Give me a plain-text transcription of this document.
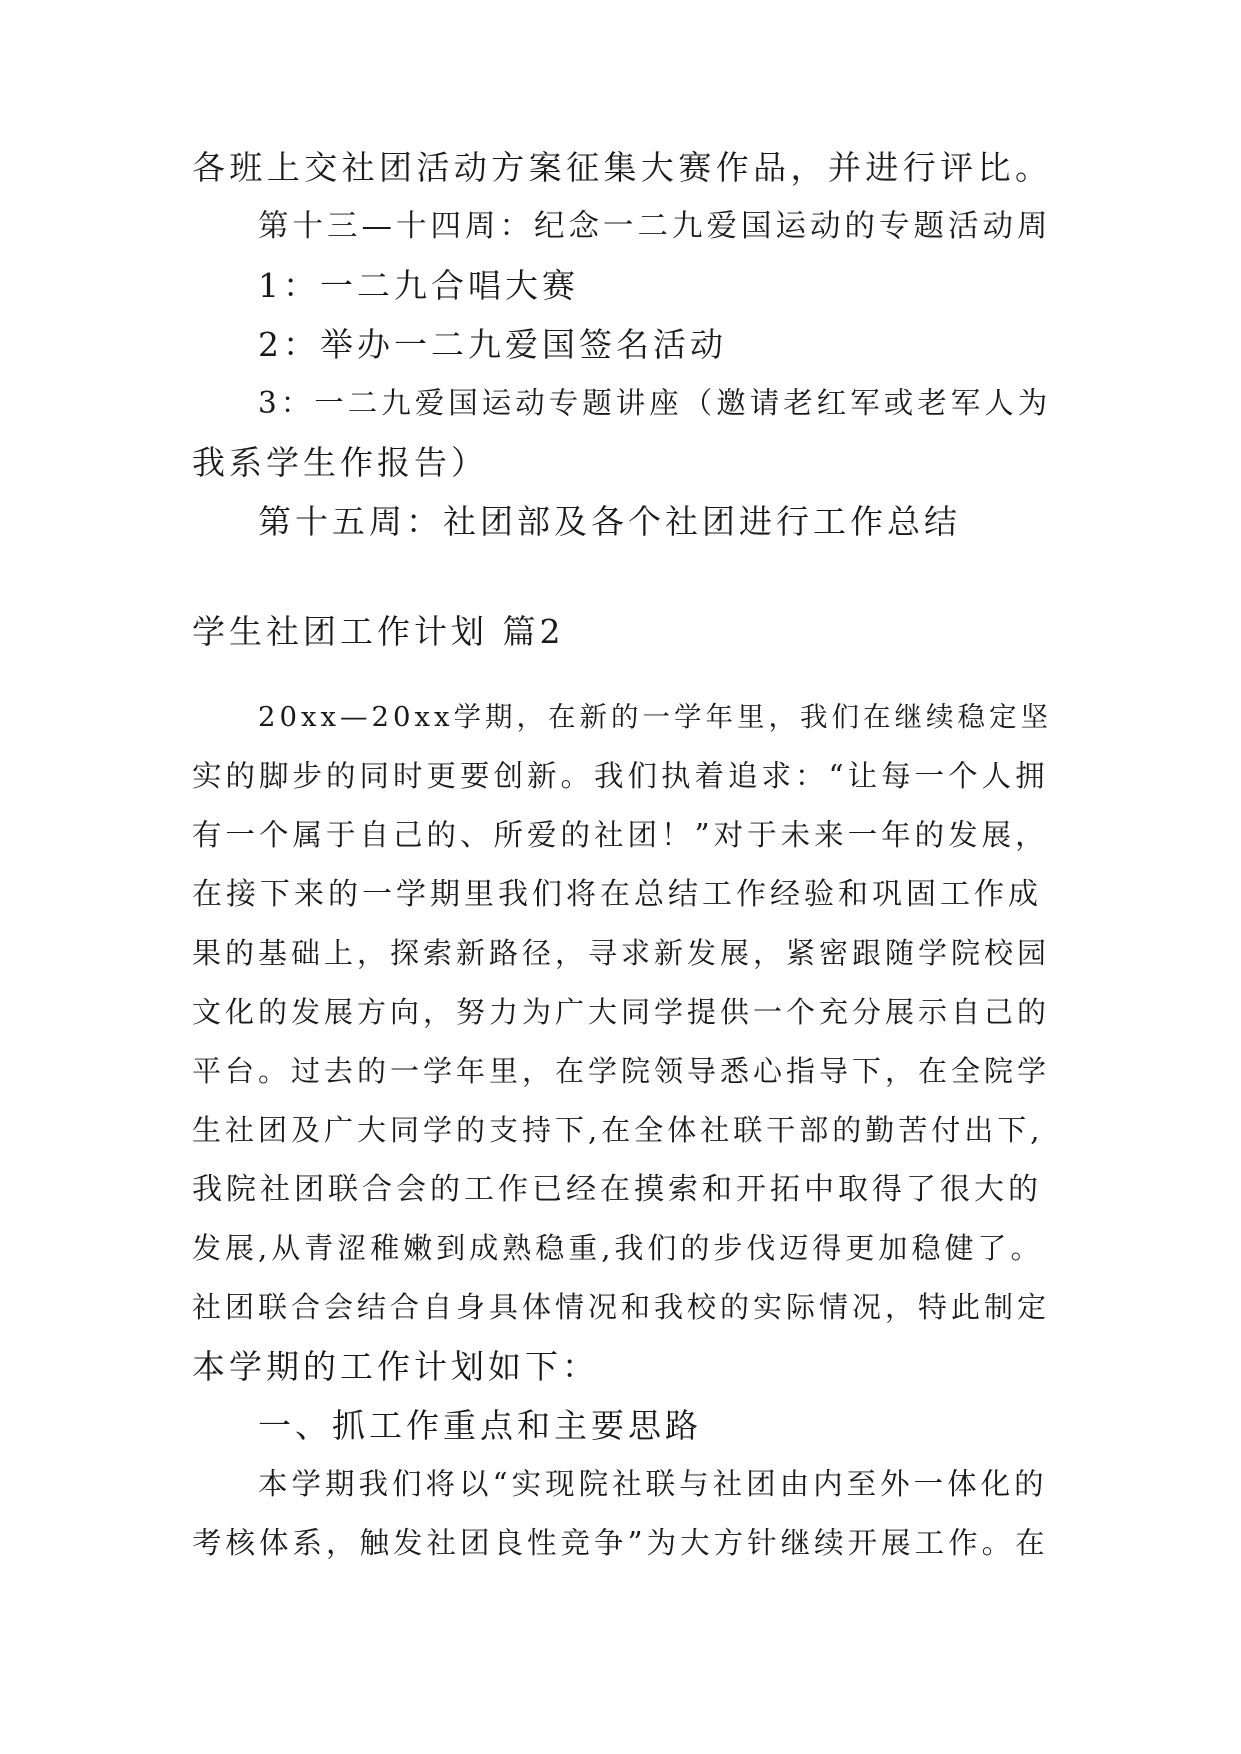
各班上交社团活动方案征集大赛作品，并进行评比。
第十三—十四周：纪念一二九爱国运动的专题活动周
1：一二九合唱大赛
2：举办一二九爱国签名活动
3：一二九爱国运动专题讲座（邀请老红军或老军人为
我系学生作报告）
第十五周：社团部及各个社团进行工作总结
学生社团工作计划 篇2
20xx—20xx学期，在新的一学年里，我们在继续稳定坚
实的脚步的同时更要创新。我们执着追求：“让每一个人拥
有一个属于自己的、所爱的社团！”对于未来一年的发展，
在接下来的一学期里我们将在总结工作经验和巩固工作成
果的基础上，探索新路径，寻求新发展，紧密跟随学院校园
文化的发展方向，努力为广大同学提供一个充分展示自己的
平台。过去的一学年里，在学院领导悉心指导下，在全院学
生社团及广大同学的支持下,在全体社联干部的勤苦付出下,
我院社团联合会的工作已经在摸索和开拓中取得了很大的
发展,从青涩稚嫩到成熟稳重,我们的步伐迈得更加稳健了。
社团联合会结合自身具体情况和我校的实际情况，特此制定
本学期的工作计划如下：
一、抓工作重点和主要思路
本学期我们将以“实现院社联与社团由内至外一体化的
考核体系，触发社团良性竞争”为大方针继续开展工作。在
